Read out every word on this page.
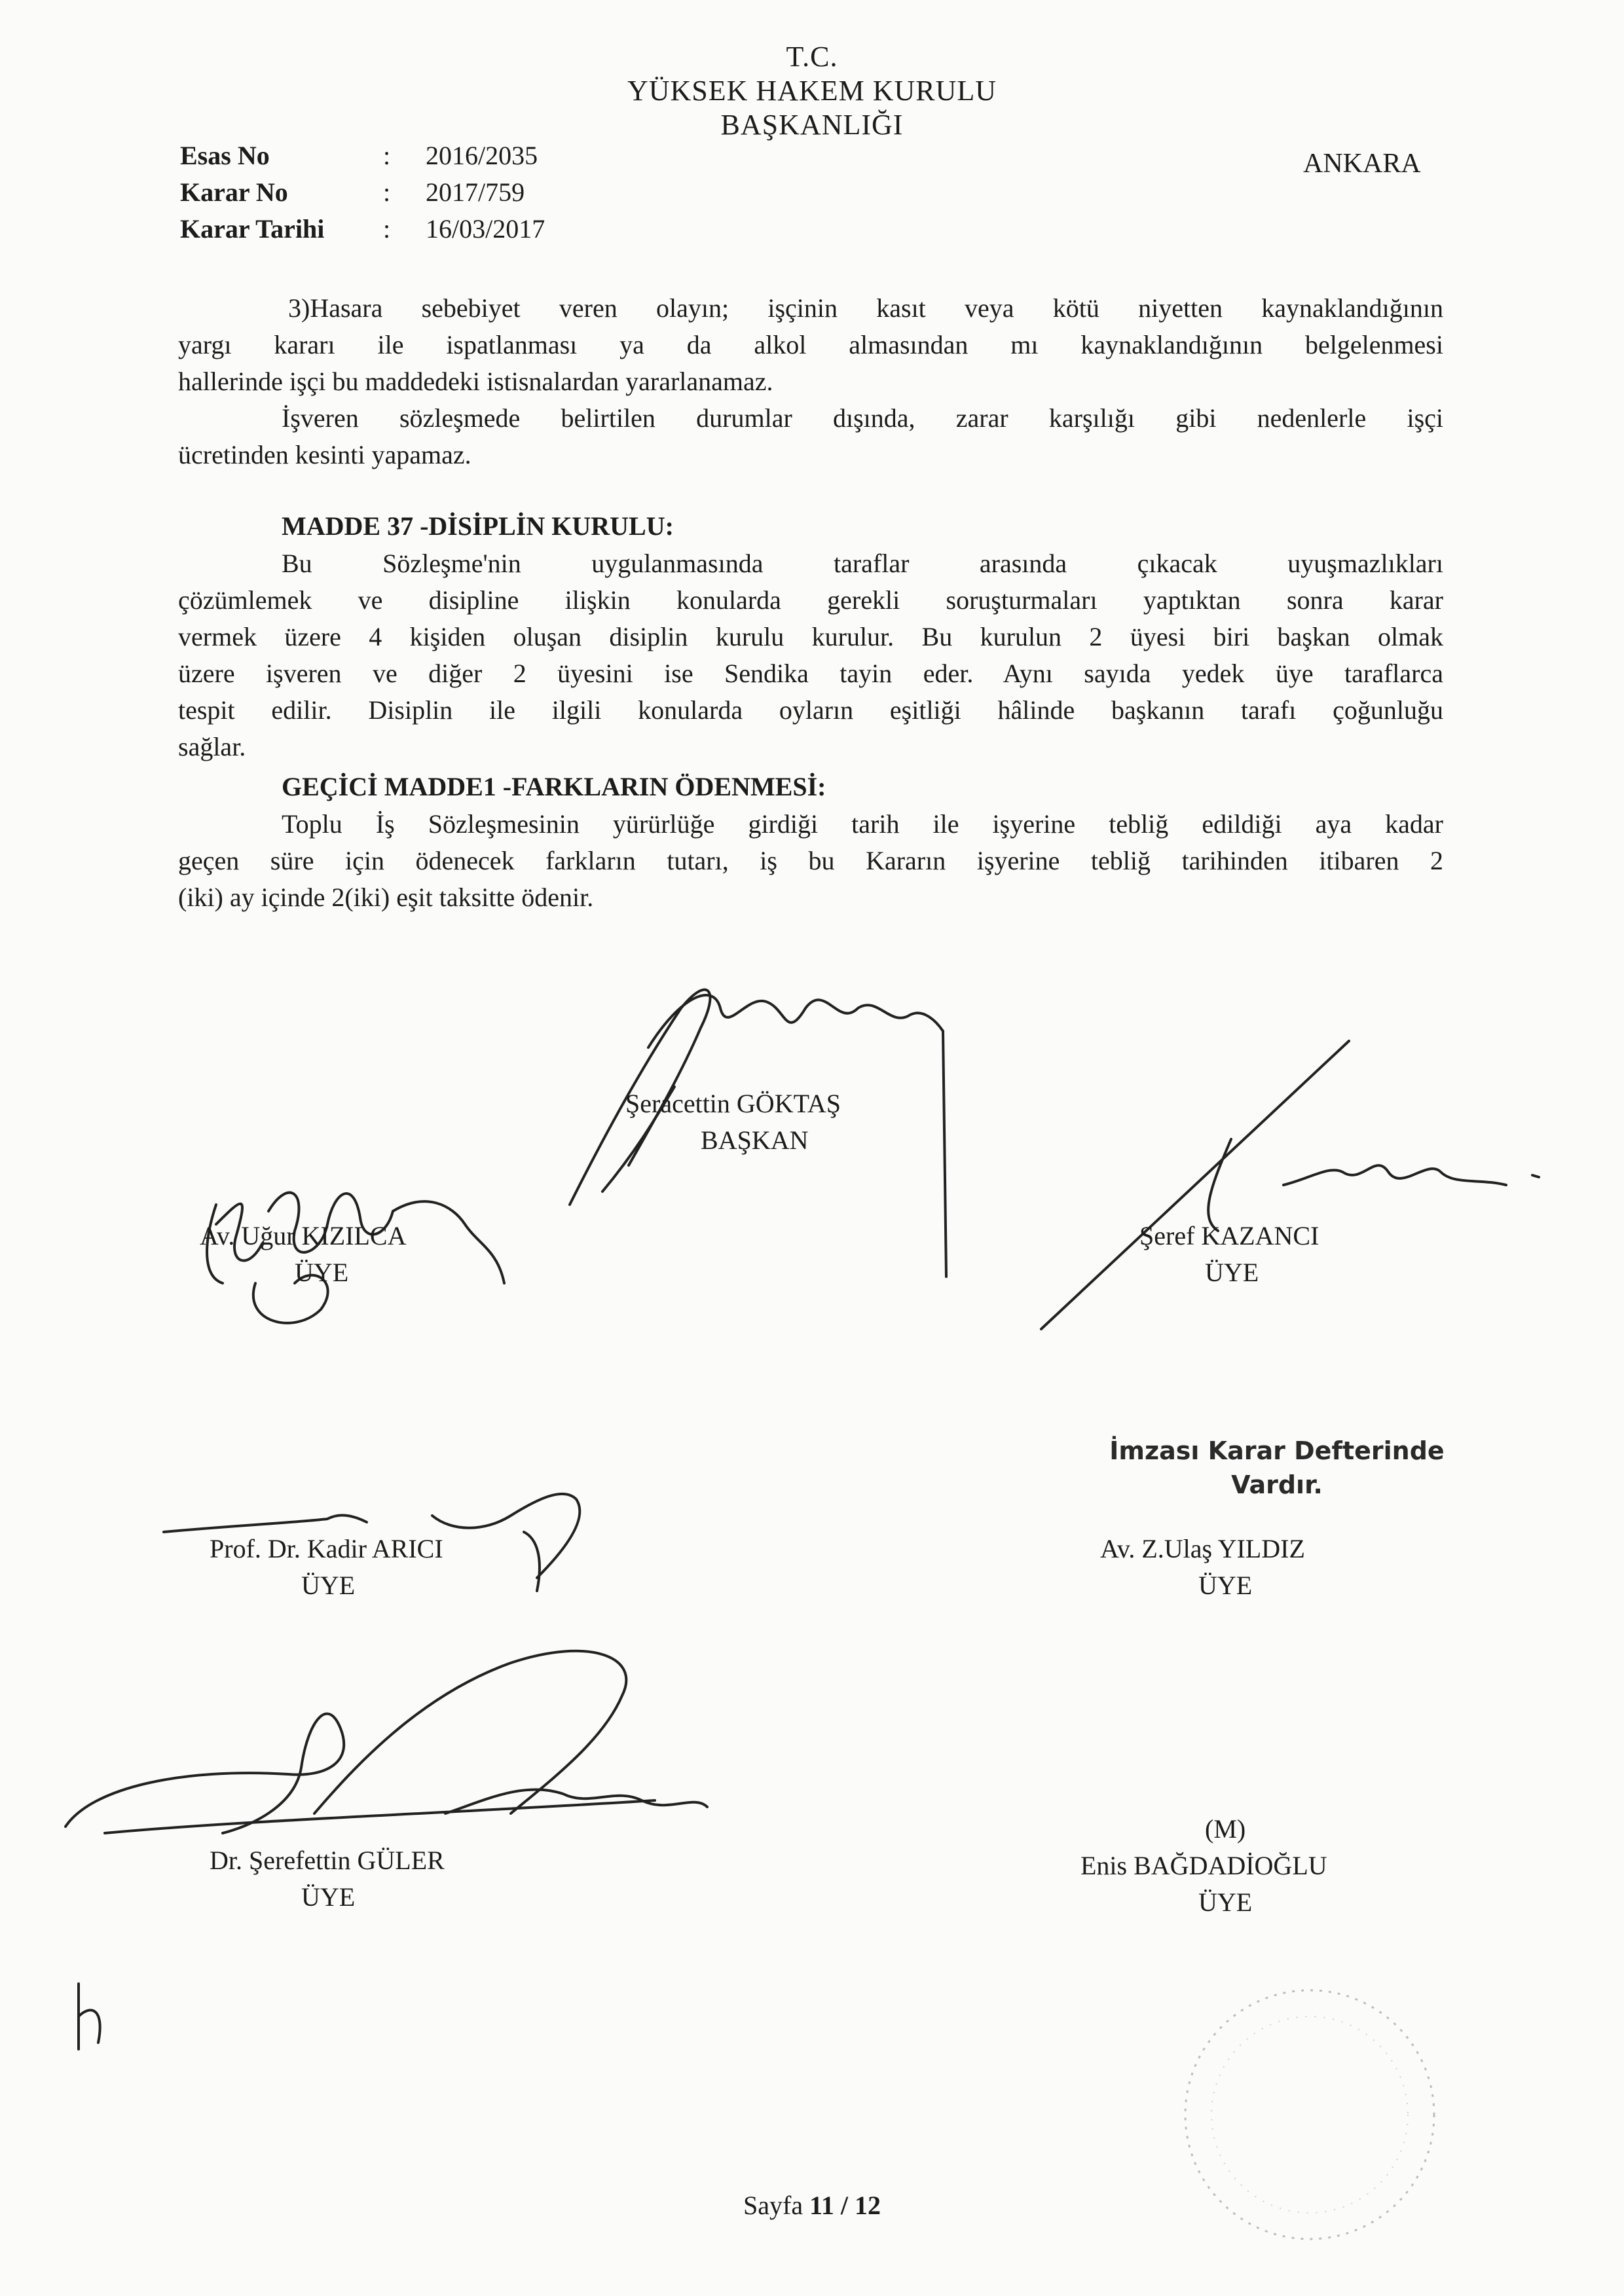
T.C.
YÜKSEK HAKEM KURULU
BAŞKANLIĞI
ANKARA
Esas No	: 2016/2035
Karar No	: 2017/759
Karar Tarihi : 16/03/2017
3)Hasara sebebiyet veren olayın; işçinin kasıt veya kötü niyetten kaynaklandığının
yargı kararı ile ispatlanması ya da alkol almasından mı kaynaklandığının belgelenmesi
hallerinde işçi bu maddedeki istisnalardan yararlanamaz.
İşveren sözleşmede belirtilen durumlar dışında, zarar karşılığı gibi nedenlerle işçi
ücretinden kesinti yapamaz.
MADDE 37 -DİSİPLİN KURULU:
Bu Sözleşme'nin uygulanmasında taraflar arasında çıkacak uyuşmazlıkları
çözümlemek ve disipline ilişkin konularda gerekli soruşturmaları yaptıktan sonra karar
vermek üzere 4 kişiden oluşan disiplin kurulu kurulur. Bu kurulun 2 üyesi biri başkan olmak
üzere işveren ve diğer 2 üyesini ise Sendika tayin eder. Aynı sayıda yedek üye taraflarca
tespit edilir. Disiplin ile ilgili konularda oyların eşitliği hâlinde başkanın tarafı çoğunluğu
sağlar.
GEÇİCİ MADDE1 -FARKLARIN ÖDENMESİ:
Toplu İş Sözleşmesinin yürürlüğe girdiği tarih ile işyerine tebliğ edildiği aya kadar
geçen süre için ödenecek farkların tutarı, iş bu Kararın işyerine tebliğ tarihinden itibaren 2
(iki) ay içinde 2(iki) eşit taksitte ödenir.
Şeracettin GÖKTAŞ
BAŞKAN
Av. Uğur KIZILCA
ÜYE
Şeref KAZANCI
ÜYE
İmzası Karar Defterinde
Vardır.
Prof. Dr. Kadir ARICI
ÜYE
Av. Z.Ulaş YILDIZ
ÜYE
Dr. Şerefettin GÜLER
ÜYE
(M)
Enis BAĞDADİOĞLU
ÜYE
Sayfa 11 / 12
